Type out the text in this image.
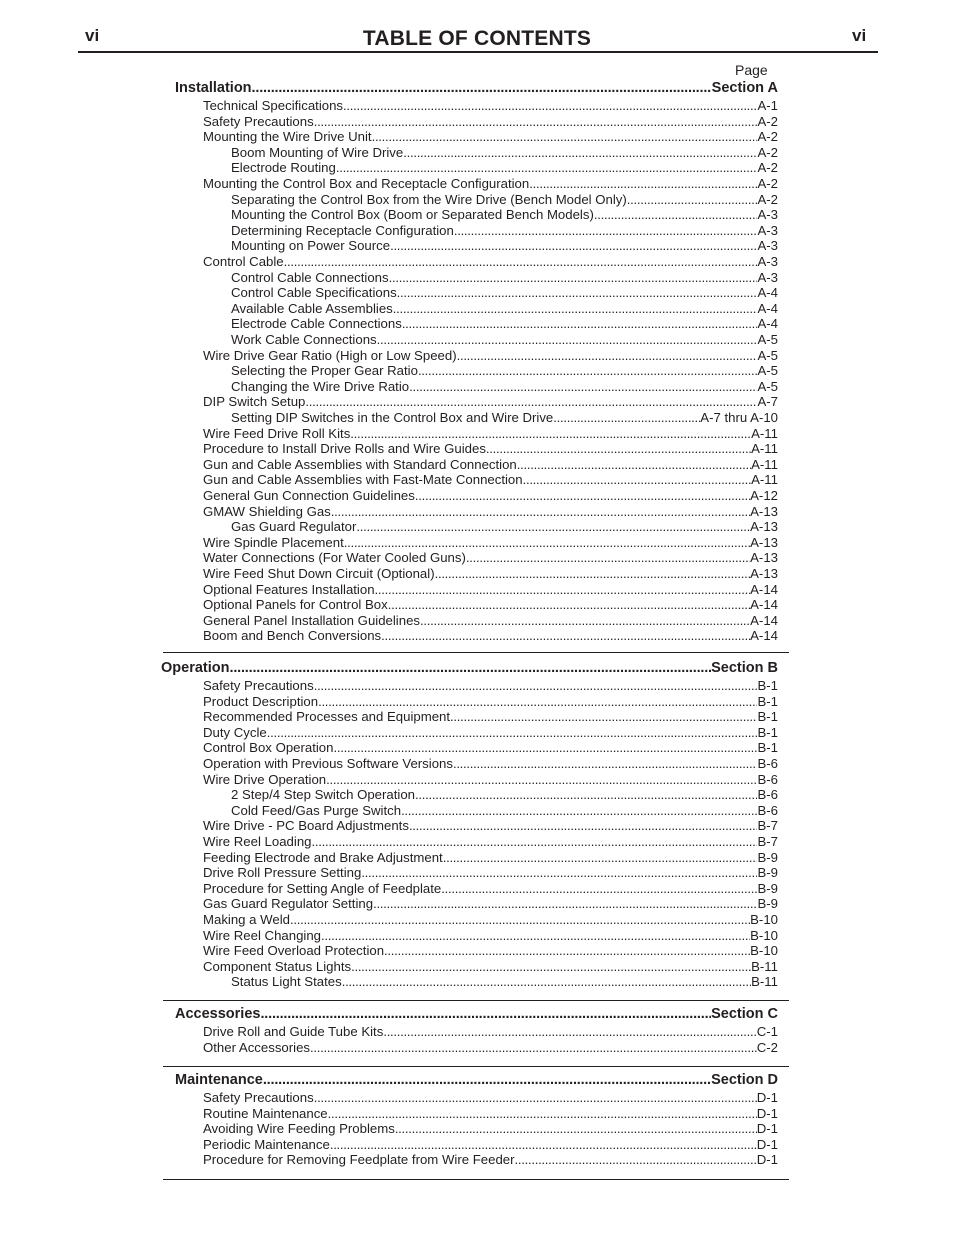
vi	vi
TABLE OF CONTENTS
Page
Installation .....	Section A
Technical Specifications .....	A-1
Safety Precautions .....	A-2
Mounting the Wire Drive Unit .....	A-2
Boom Mounting of Wire Drive .....	A-2
Electrode Routing .....	A-2
Mounting the Control Box and Receptacle Configuration .....	A-2
Separating the Control Box from the Wire Drive (Bench Model Only) .....	A-2
Mounting the Control Box (Boom or Separated Bench Models) .....	A-3
Determining Receptacle Configuration .....	A-3
Mounting on Power Source .....	A-3
Control Cable .....	A-3
Control Cable Connections .....	A-3
Control Cable Specifications .....	A-4
Available Cable Assemblies .....	A-4
Electrode Cable Connections .....	A-4
Work Cable Connections .....	A-5
Wire Drive Gear Ratio (High or Low Speed) .....	A-5
Selecting the Proper Gear Ratio .....	A-5
Changing the Wire Drive Ratio .....	A-5
DIP Switch Setup .....	A-7
Setting DIP Switches in the Control Box and Wire Drive .....	A-7 thru A-10
Wire Feed Drive Roll Kits .....	A-11
Procedure to Install Drive Rolls and Wire Guides .....	A-11
Gun and Cable Assemblies with Standard Connection .....	A-11
Gun and Cable Assemblies with Fast-Mate Connection .....	A-11
General Gun Connection Guidelines .....	A-12
GMAW Shielding Gas .....	A-13
Gas Guard Regulator .....	A-13
Wire Spindle Placement .....	A-13
Water Connections (For Water Cooled Guns) .....	A-13
Wire Feed Shut Down Circuit (Optional) .....	A-13
Optional Features Installation .....	A-14
Optional Panels for Control Box .....	A-14
General Panel Installation Guidelines .....	A-14
Boom and Bench Conversions .....	A-14
Operation .....	Section B
Safety Precautions .....	B-1
Product Description .....	B-1
Recommended Processes and Equipment .....	B-1
Duty Cycle .....	B-1
Control Box Operation .....	B-1
Operation with Previous Software Versions .....	B-6
Wire Drive Operation .....	B-6
2 Step/4 Step Switch Operation .....	B-6
Cold Feed/Gas Purge Switch .....	B-6
Wire Drive - PC Board Adjustments .....	B-7
Wire Reel Loading .....	B-7
Feeding Electrode and Brake Adjustment .....	B-9
Drive Roll Pressure Setting .....	B-9
Procedure for Setting Angle of Feedplate .....	B-9
Gas Guard Regulator Setting .....	B-9
Making a Weld .....	B-10
Wire Reel Changing .....	B-10
Wire Feed Overload Protection .....	B-10
Component Status Lights .....	B-11
Status Light States .....	B-11
Accessories .....	Section C
Drive Roll and Guide Tube Kits .....	C-1
Other Accessories .....	C-2
Maintenance .....	Section D
Safety Precautions .....	D-1
Routine Maintenance .....	D-1
Avoiding Wire Feeding Problems .....	D-1
Periodic Maintenance .....	D-1
Procedure for Removing Feedplate from Wire Feeder .....	D-1
